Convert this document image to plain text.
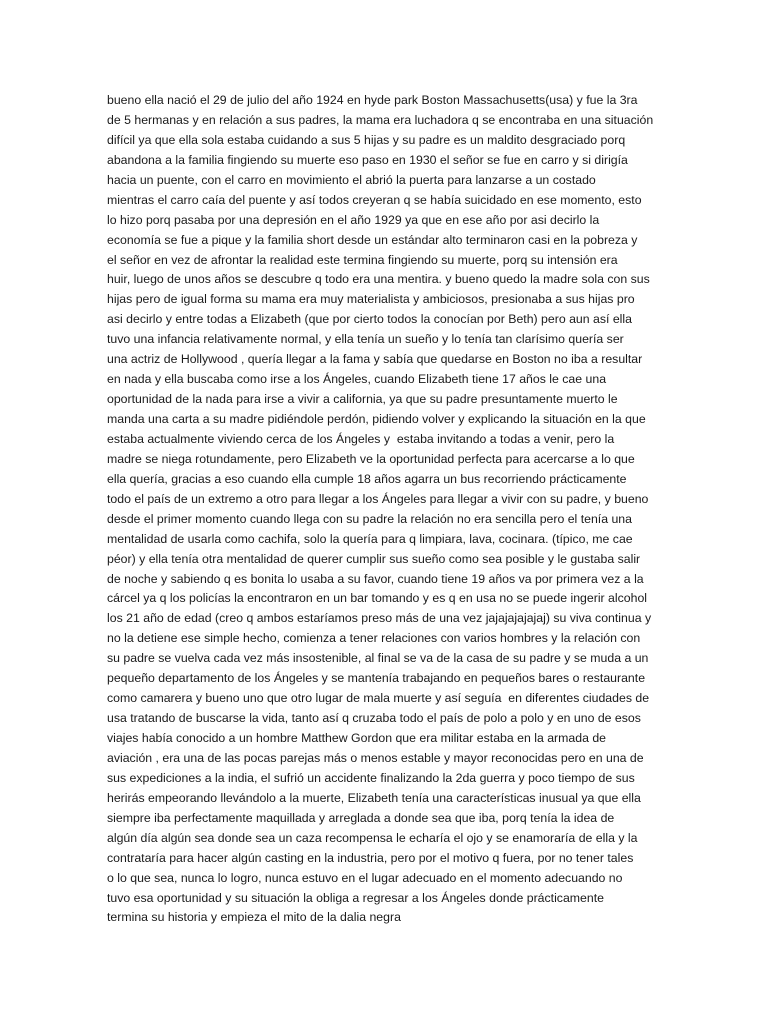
bueno ella nació el 29 de julio del año 1924 en hyde park Boston Massachusetts(usa) y fue la 3ra
de 5 hermanas y en relación a sus padres, la mama era luchadora q se encontraba en una situación
difícil ya que ella sola estaba cuidando a sus 5 hijas y su padre es un maldito desgraciado porq
abandona a la familia fingiendo su muerte eso paso en 1930 el señor se fue en carro y si dirigía
hacia un puente, con el carro en movimiento el abrió la puerta para lanzarse a un costado
mientras el carro caía del puente y así todos creyeran q se había suicidado en ese momento, esto
lo hizo porq pasaba por una depresión en el año 1929 ya que en ese año por asi decirlo la
economía se fue a pique y la familia short desde un estándar alto terminaron casi en la pobreza y
el señor en vez de afrontar la realidad este termina fingiendo su muerte, porq su intensión era
huir, luego de unos años se descubre q todo era una mentira. y bueno quedo la madre sola con sus
hijas pero de igual forma su mama era muy materialista y ambiciosos, presionaba a sus hijas pro
asi decirlo y entre todas a Elizabeth (que por cierto todos la conocían por Beth) pero aun así ella
tuvo una infancia relativamente normal, y ella tenía un sueño y lo tenía tan clarísimo quería ser
una actriz de Hollywood , quería llegar a la fama y sabía que quedarse en Boston no iba a resultar
en nada y ella buscaba como irse a los Ángeles, cuando Elizabeth tiene 17 años le cae una
oportunidad de la nada para irse a vivir a california, ya que su padre presuntamente muerto le
manda una carta a su madre pidiéndole perdón, pidiendo volver y explicando la situación en la que
estaba actualmente viviendo cerca de los Ángeles y  estaba invitando a todas a venir, pero la
madre se niega rotundamente, pero Elizabeth ve la oportunidad perfecta para acercarse a lo que
ella quería, gracias a eso cuando ella cumple 18 años agarra un bus recorriendo prácticamente
todo el país de un extremo a otro para llegar a los Ángeles para llegar a vivir con su padre, y bueno
desde el primer momento cuando llega con su padre la relación no era sencilla pero el tenía una
mentalidad de usarla como cachifa, solo la quería para q limpiara, lava, cocinara. (típico, me cae
péor) y ella tenía otra mentalidad de querer cumplir sus sueño como sea posible y le gustaba salir
de noche y sabiendo q es bonita lo usaba a su favor, cuando tiene 19 años va por primera vez a la
cárcel ya q los policías la encontraron en un bar tomando y es q en usa no se puede ingerir alcohol
los 21 año de edad (creo q ambos estaríamos preso más de una vez jajajajajajaj) su viva continua y
no la detiene ese simple hecho, comienza a tener relaciones con varios hombres y la relación con
su padre se vuelva cada vez más insostenible, al final se va de la casa de su padre y se muda a un
pequeño departamento de los Ángeles y se mantenía trabajando en pequeños bares o restaurante
como camarera y bueno uno que otro lugar de mala muerte y así seguía  en diferentes ciudades de
usa tratando de buscarse la vida, tanto así q cruzaba todo el país de polo a polo y en uno de esos
viajes había conocido a un hombre Matthew Gordon que era militar estaba en la armada de
aviación , era una de las pocas parejas más o menos estable y mayor reconocidas pero en una de
sus expediciones a la india, el sufrió un accidente finalizando la 2da guerra y poco tiempo de sus
herirás empeorando llevándolo a la muerte, Elizabeth tenía una características inusual ya que ella
siempre iba perfectamente maquillada y arreglada a donde sea que iba, porq tenía la idea de
algún día algún sea donde sea un caza recompensa le echaría el ojo y se enamoraría de ella y la
contrataría para hacer algún casting en la industria, pero por el motivo q fuera, por no tener tales
o lo que sea, nunca lo logro, nunca estuvo en el lugar adecuado en el momento adecuando no
tuvo esa oportunidad y su situación la obliga a regresar a los Ángeles donde prácticamente
termina su historia y empieza el mito de la dalia negra
